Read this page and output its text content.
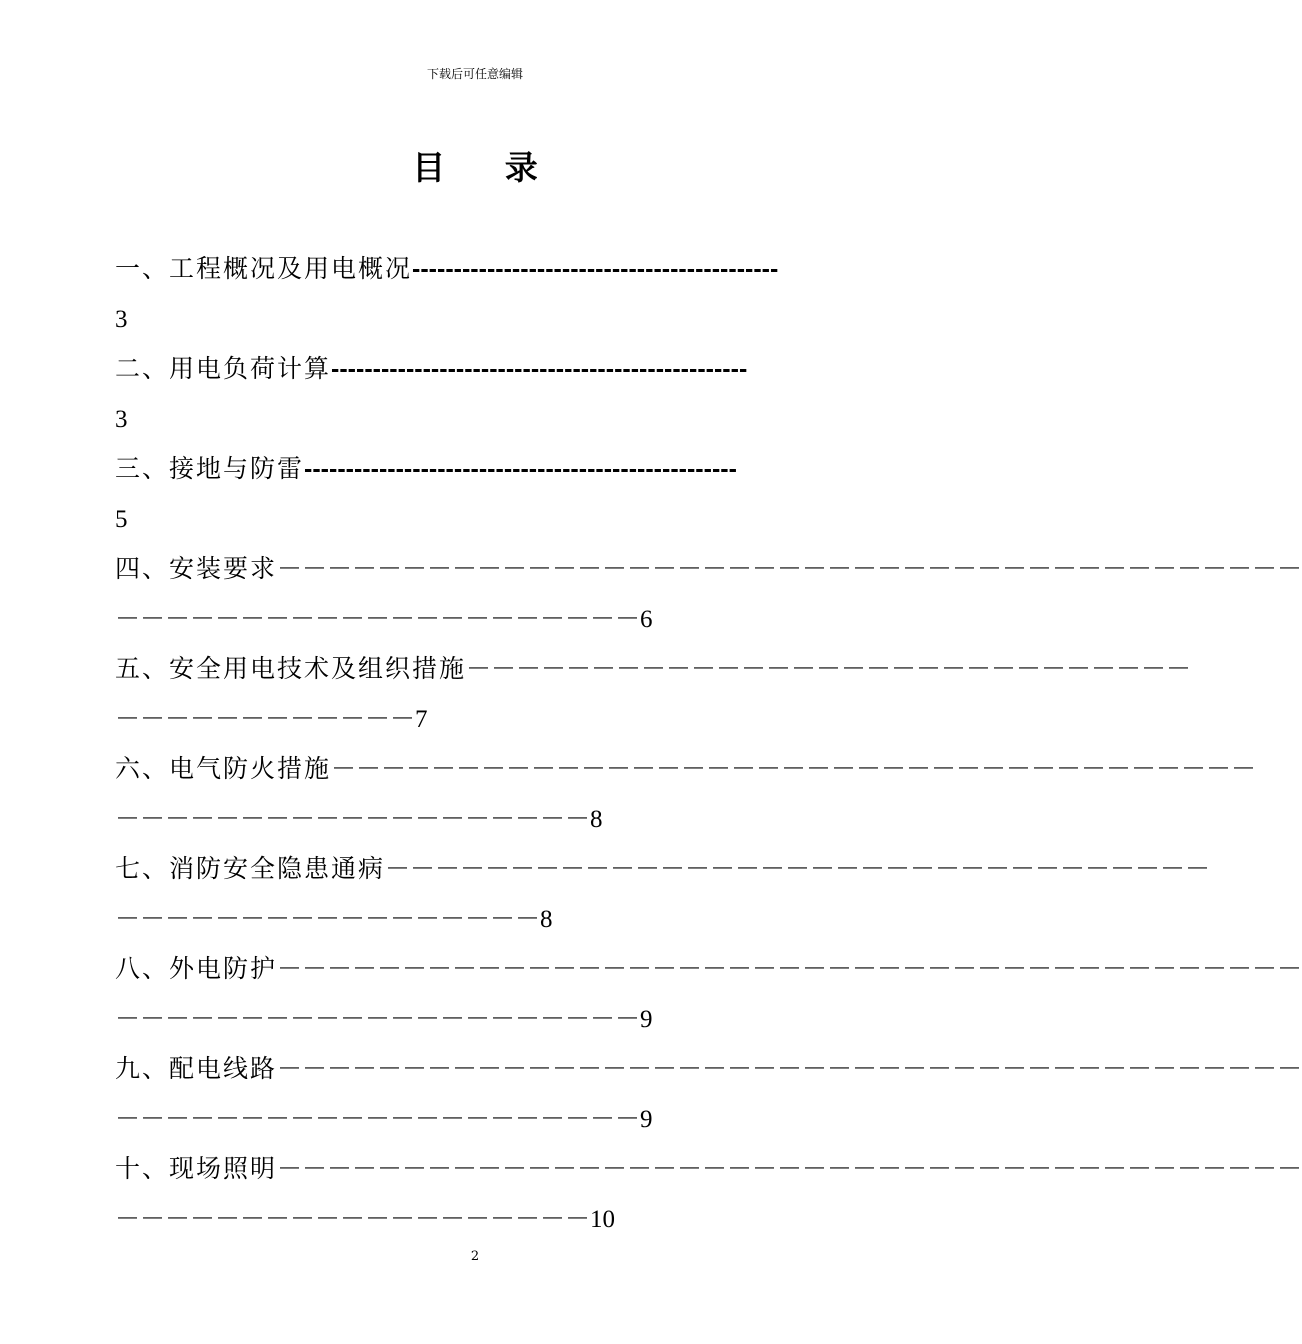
下载后可任意编辑
目 录
一、工程概况及用电概况--------------------------------------------
3
二、用电负荷计算--------------------------------------------------
3
三、接地与防雷----------------------------------------------------
5
四、安装要求－－－－－－－－－－－－－－－－－－－－－－－－－－－－－－－－－－－－－－－－－
－－－－－－－－－－－－－－－－－－－－－6
五、安全用电技术及组织措施－－－－－－－－－－－－－－－－－－－－－－－－－－－－－
－－－－－－－－－－－－7
六、电气防火措施－－－－－－－－－－－－－－－－－－－－－－－－－－－－－－－－－－－－－
－－－－－－－－－－－－－－－－－－－8
七、消防安全隐患通病－－－－－－－－－－－－－－－－－－－－－－－－－－－－－－－－－
－－－－－－－－－－－－－－－－－8
八、外电防护－－－－－－－－－－－－－－－－－－－－－－－－－－－－－－－－－－－－－－－－－
－－－－－－－－－－－－－－－－－－－－－9
九、配电线路－－－－－－－－－－－－－－－－－－－－－－－－－－－－－－－－－－－－－－－－－
－－－－－－－－－－－－－－－－－－－－－9
十、现场照明－－－－－－－－－－－－－－－－－－－－－－－－－－－－－－－－－－－－－－－－－
－－－－－－－－－－－－－－－－－－－10
2
